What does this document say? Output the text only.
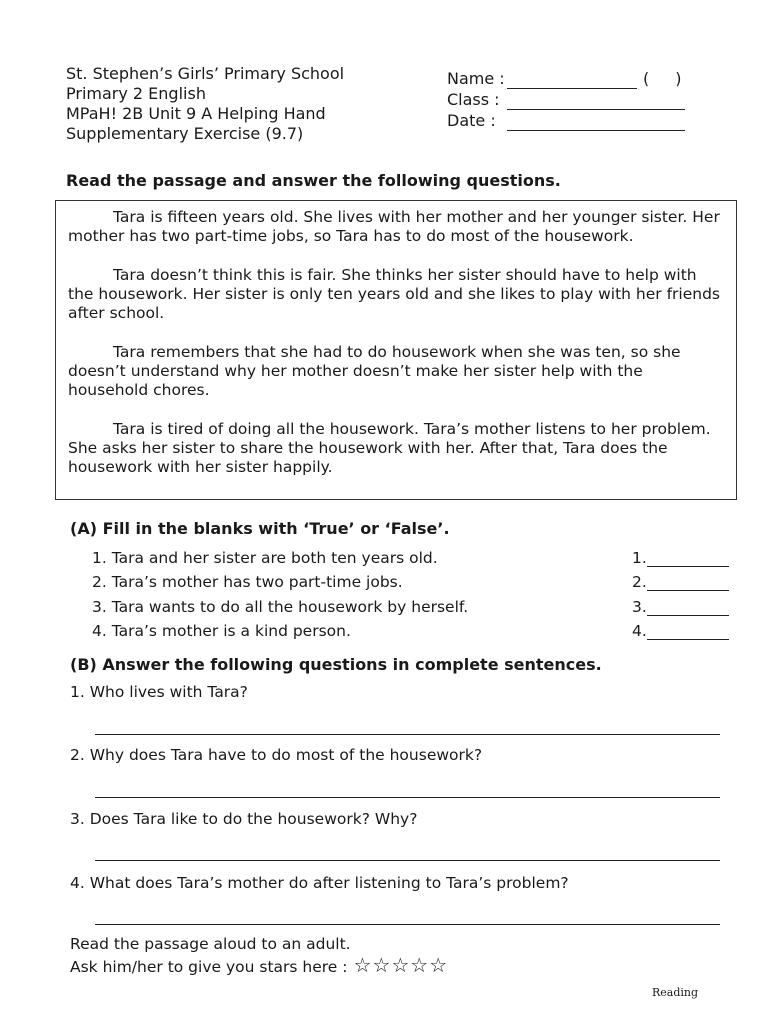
St. Stephen’s Girls’ Primary School
Primary 2 English
MPaH! 2B Unit 9 A Helping Hand
Supplementary Exercise (9.7)
Name :	( )
Class :
Date :
Read the passage and answer the following questions.

Tara is fifteen years old. She lives with her mother and her younger sister. Her mother has two part-time jobs, so Tara has to do most of the housework.

Tara doesn’t think this is fair. She thinks her sister should have to help with the housework. Her sister is only ten years old and she likes to play with her friends after school.

Tara remembers that she had to do housework when she was ten, so she doesn’t understand why her mother doesn’t make her sister help with the household chores.

Tara is tired of doing all the housework. Tara’s mother listens to her problem. She asks her sister to share the housework with her. After that, Tara does the housework with her sister happily.

(A) Fill in the blanks with ‘True’ or ‘False’.
1. Tara and her sister are both ten years old.	1.
2. Tara’s mother has two part-time jobs.	2.
3. Tara wants to do all the housework by herself.	3.
4. Tara’s mother is a kind person.	4.
(B) Answer the following questions in complete sentences.
1. Who lives with Tara?
2. Why does Tara have to do most of the housework?
3. Does Tara like to do the housework? Why?
4. What does Tara’s mother do after listening to Tara’s problem?
Read the passage aloud to an adult.
Ask him/her to give you stars here : ☆☆☆☆☆
Reading
